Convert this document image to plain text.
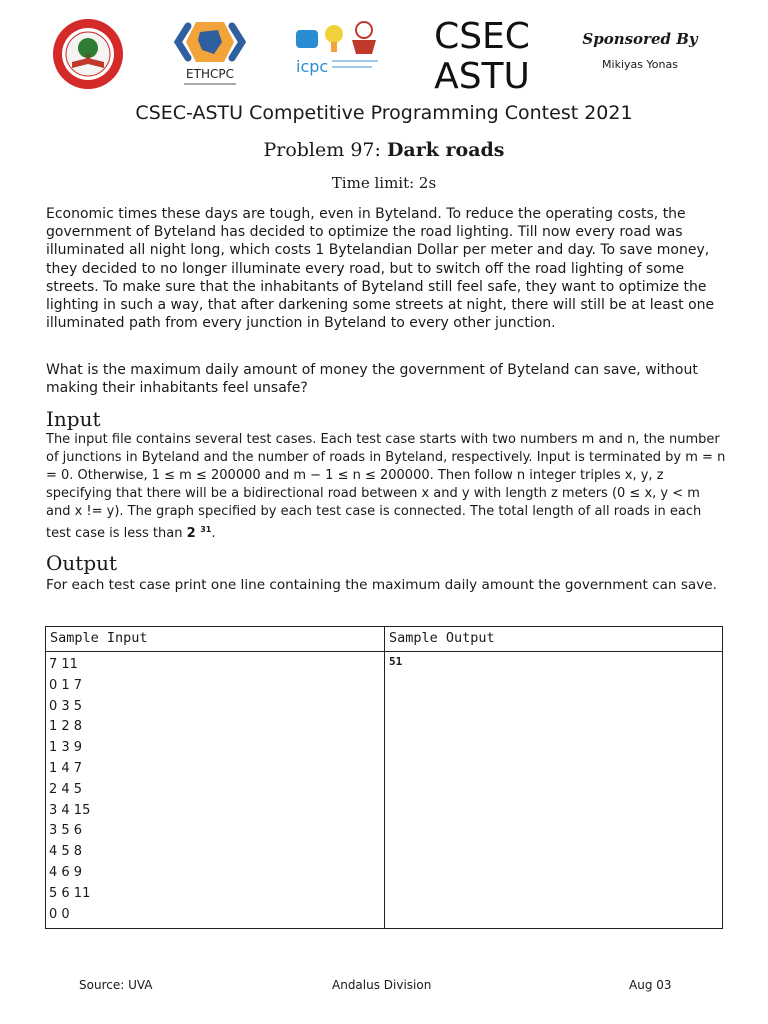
ETHCPC	icpc
CSEC
ASTU
Sponsored By
Mikiyas Yonas
CSEC-ASTU Competitive Programming Contest 2021
Problem 97: Dark roads
Time limit: 2s
Economic times these days are tough, even in Byteland. To reduce the operating costs, the government of Byteland has decided to optimize the road lighting. Till now every road was illuminated all night long, which costs 1 Bytelandian Dollar per meter and day. To save money, they decided to no longer illuminate every road, but to switch off the road lighting of some streets. To make sure that the inhabitants of Byteland still feel safe, they want to optimize the lighting in such a way, that after darkening some streets at night, there will still be at least one illuminated path from every junction in Byteland to every other junction.
What is the maximum daily amount of money the government of Byteland can save, without making their inhabitants feel unsafe?
Input
The input file contains several test cases. Each test case starts with two numbers m and n, the number of junctions in Byteland and the number of roads in Byteland, respectively. Input is terminated by m = n = 0. Otherwise, 1 ≤ m ≤ 200000 and m − 1 ≤ n ≤ 200000. Then follow n integer triples x, y, z specifying that there will be a bidirectional road between x and y with length z meters (0 ≤ x, y < m and x != y). The graph specified by each test case is connected. The total length of all roads in each test case is less than 2 $^{31}$.
Output
For each test case print one line containing the maximum daily amount the government can save.
Sample Input	Sample Output
7 11
0 1 7
0 3 5
1 2 8
1 3 9
1 4 7
2 4 5
3 4 15
3 5 6
4 5 8
4 6 9
5 6 11
0 0
51
Source: UVA	Andalus Division	Aug 03
